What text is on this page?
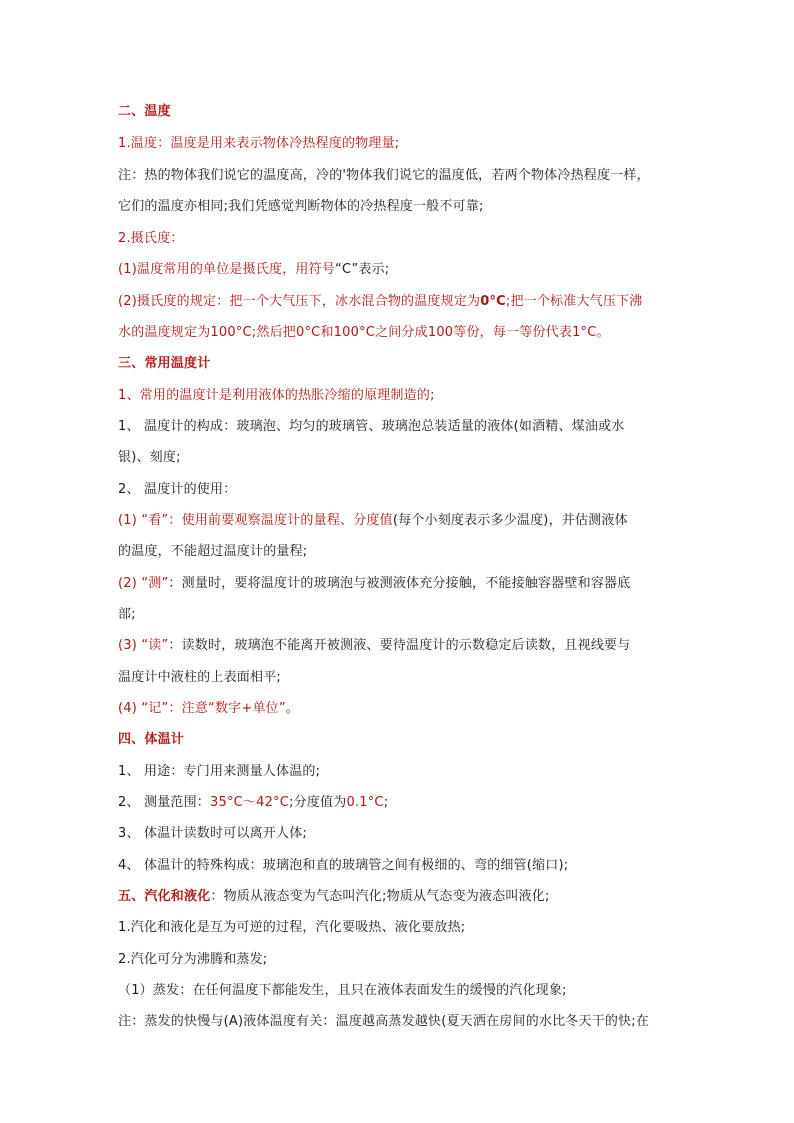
二、温度
1.温度：温度是用来表示物体冷热程度的物理量;
注：热的物体我们说它的温度高，冷的'物体我们说它的温度低，若两个物体冷热程度一样，
它们的温度亦相同;我们凭感觉判断物体的冷热程度一般不可靠;
2.摄氏度：
(1)温度常用的单位是摄氏度，用符号“C”表示;
(2)摄氏度的规定：把一个大气压下，冰水混合物的温度规定为0°C;把一个标准大气压下沸
水的温度规定为100°C;然后把0°C和100°C之间分成100等份，每一等份代表1°C。
三、常用温度计
1、常用的温度计是利用液体的热胀冷缩的原理制造的;
1、 温度计的构成：玻璃泡、均匀的玻璃管、玻璃泡总装适量的液体(如酒精、煤油或水
银)、刻度;
2、 温度计的使用：
(1) “看”：使用前要观察温度计的量程、分度值(每个小刻度表示多少温度)，并估测液体
的温度，不能超过温度计的量程;
(2) “测”：测量时，要将温度计的玻璃泡与被测液体充分接触，不能接触容器壁和容器底
部;
(3) “读”：读数时，玻璃泡不能离开被测液、要待温度计的示数稳定后读数，且视线要与
温度计中液柱的上表面相平;
(4) “记”：注意“数字+单位”。
四、体温计
1、 用途：专门用来测量人体温的;
2、 测量范围：35°C～42°C;分度值为0.1°C;
3、 体温计读数时可以离开人体;
4、 体温计的特殊构成：玻璃泡和直的玻璃管之间有极细的、弯的细管(缩口);
五、汽化和液化：物质从液态变为气态叫汽化;物质从气态变为液态叫液化;
1.汽化和液化是互为可逆的过程，汽化要吸热、液化要放热;
2.汽化可分为沸腾和蒸发;
（1）蒸发：在任何温度下都能发生，且只在液体表面发生的缓慢的汽化现象;
注：蒸发的快慢与(A)液体温度有关：温度越高蒸发越快(夏天洒在房间的水比冬天干的快;在
